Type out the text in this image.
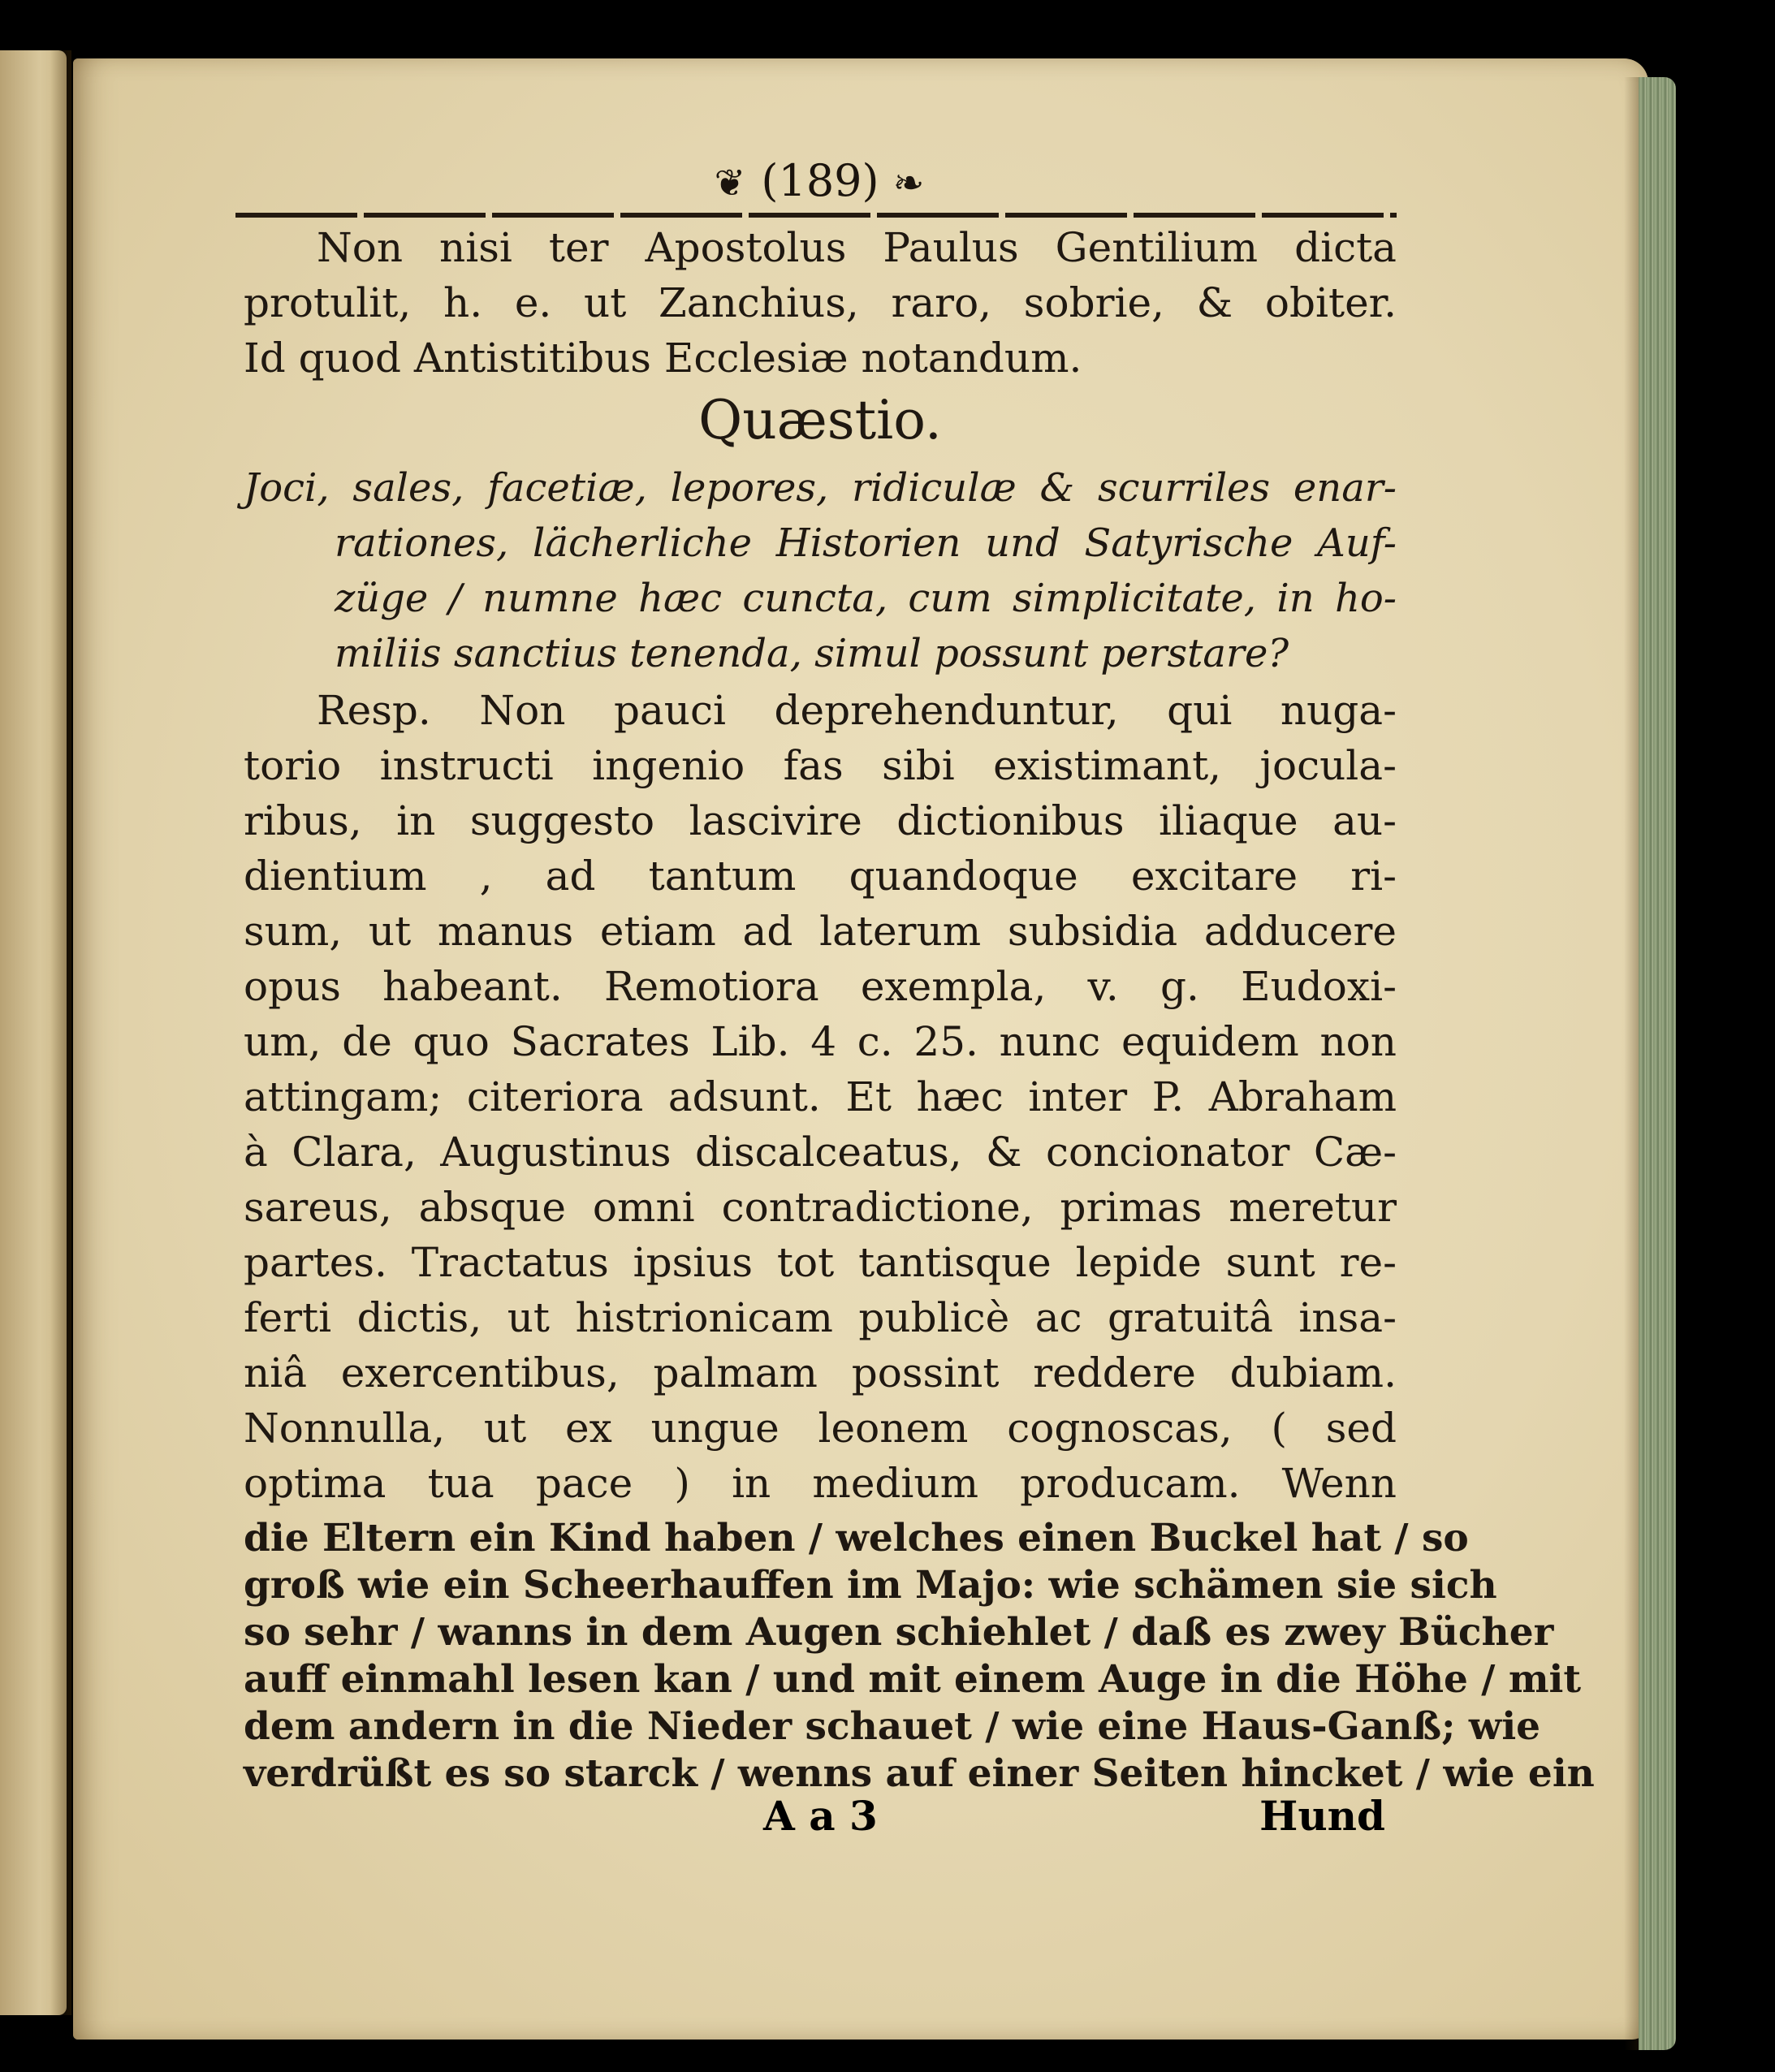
❦ (189) ❧
Non nisi ter Apostolus Paulus Gentilium dicta
protulit, h. e. ut Zanchius, raro, sobrie, & obiter.
Id quod Antistitibus Ecclesiæ notandum.
Quæstio.
Joci, sales, facetiæ, lepores, ridiculæ & scurriles enar-
rationes, lächerliche Historien und Satyrische Auf-
züge / numne hæc cuncta, cum simplicitate, in ho-
miliis sanctius tenenda, simul possunt perstare?
Resp. Non pauci deprehenduntur, qui nuga-
torio instructi ingenio fas sibi existimant, jocula-
ribus, in suggesto lascivire dictionibus iliaque au-
dientium , ad tantum quandoque excitare ri-
sum, ut manus etiam ad laterum subsidia adducere
opus habeant. Remotiora exempla, v. g. Eudoxi-
um, de quo Sacrates Lib. 4 c. 25. nunc equidem non
attingam; citeriora adsunt. Et hæc inter P. Abraham
à Clara, Augustinus discalceatus, & concionator Cæ-
sareus, absque omni contradictione, primas meretur
partes. Tractatus ipsius tot tantisque lepide sunt re-
ferti dictis, ut histrionicam publicè ac gratuitâ insa-
niâ exercentibus, palmam possint reddere dubiam.
Nonnulla, ut ex ungue leonem cognoscas, ( sed
optima tua pace ) in medium producam. Wenn
die Eltern ein Kind haben / welches einen Buckel hat / so
groß wie ein Scheerhauffen im Majo: wie schämen sie sich
so sehr / wanns in dem Augen schiehlet / daß es zwey Bücher
auff einmahl lesen kan / und mit einem Auge in die Höhe / mit
dem andern in die Nieder schauet / wie eine Haus-Ganß; wie
verdrüßt es so starck / wenns auf einer Seiten hincket / wie ein
A a 3	Hund
